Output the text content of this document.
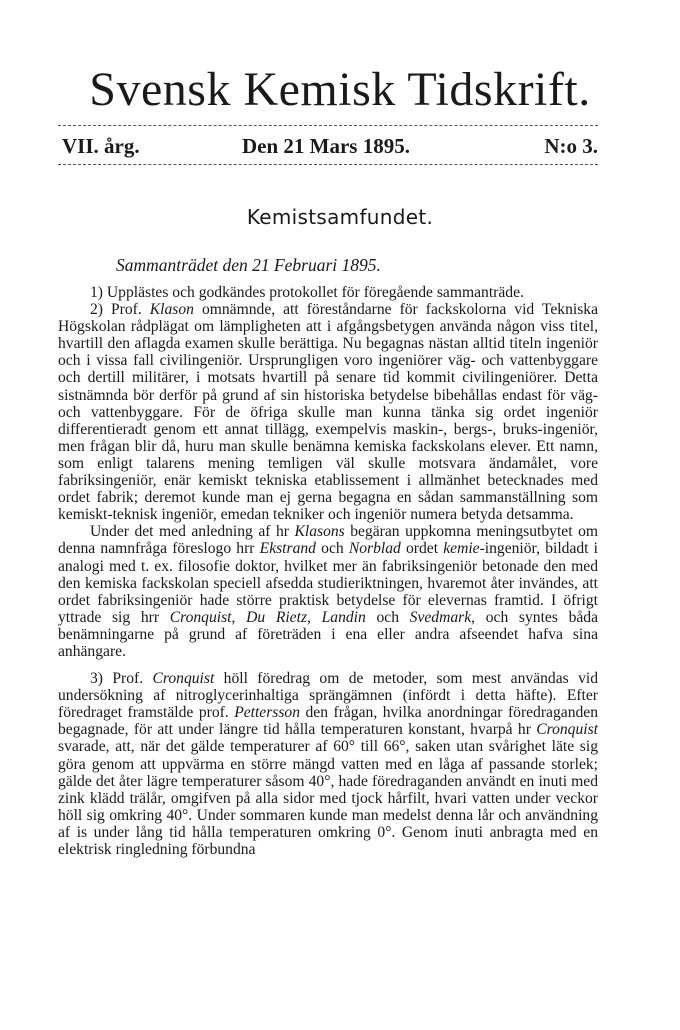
Svensk Kemisk Tidskrift.
VII. årg.	Den 21 Mars 1895.	N:o 3.
Kemistsamfundet.
Sammanträdet den 21 Februari 1895.

1) Upplästes och godkändes protokollet för föregående sammanträde.

2) Prof. Klason omnämnde, att föreståndarne för fackskolorna vid Tekniska Högskolan rådplägat om lämpligheten att i afgångsbetygen använda någon viss titel, hvartill den aflagda examen skulle berättiga. Nu begagnas nästan alltid titeln ingeniör och i vissa fall civilingeniör. Ursprungligen voro ingeniörer väg- och vattenbyggare och dertill militärer, i motsats hvartill på senare tid kommit civilingeniörer. Detta sistnämnda bör derför på grund af sin historiska betydelse bibehållas endast för väg- och vattenbyggare. För de öfriga skulle man kunna tänka sig ordet ingeniör differentieradt genom ett annat tillägg, exempelvis maskin-, bergs-, bruks-ingeniör, men frågan blir då, huru man skulle benämna kemiska fackskolans elever. Ett namn, som enligt talarens mening temligen väl skulle motsvara ändamålet, vore fabriksingeniör, enär kemiskt tekniska etablissement i allmänhet betecknades med ordet fabrik; deremot kunde man ej gerna begagna en sådan sammanställning som kemiskt-teknisk ingeniör, emedan tekniker och ingeniör numera betyda detsamma.

Under det med anledning af hr Klasons begäran uppkomna meningsutbytet om denna namnfråga föreslogo hrr Ekstrand och Norblad ordet kemie-ingeniör, bildadt i analogi med t. ex. filosofie doktor, hvilket mer än fabriksingeniör betonade den med den kemiska fackskolan speciell afsedda studieriktningen, hvaremot åter invändes, att ordet fabriksingeniör hade större praktisk betydelse för elevernas framtid. I öfrigt yttrade sig hrr Cronquist, Du Rietz, Landin och Svedmark, och syntes båda benämningarne på grund af företräden i ena eller andra afseendet hafva sina anhängare.

3) Prof. Cronquist höll föredrag om de metoder, som mest användas vid undersökning af nitroglycerinhaltiga sprängämnen (infördt i detta häfte). Efter föredraget framstälde prof. Pettersson den frågan, hvilka anordningar föredraganden begagnade, för att under längre tid hålla temperaturen konstant, hvarpå hr Cronquist svarade, att, när det gälde temperaturer af 60° till 66°, saken utan svårighet läte sig göra genom att uppvärma en större mängd vatten med en låga af passande storlek; gälde det åter lägre temperaturer såsom 40°, hade föredraganden användt en inuti med zink klädd trälår, omgifven på alla sidor med tjock hårfilt, hvari vatten under veckor höll sig omkring 40°. Under sommaren kunde man medelst denna lår och användning af is under lång tid hålla temperaturen omkring 0°. Genom inuti anbragta med en elektrisk ringledning förbundna
